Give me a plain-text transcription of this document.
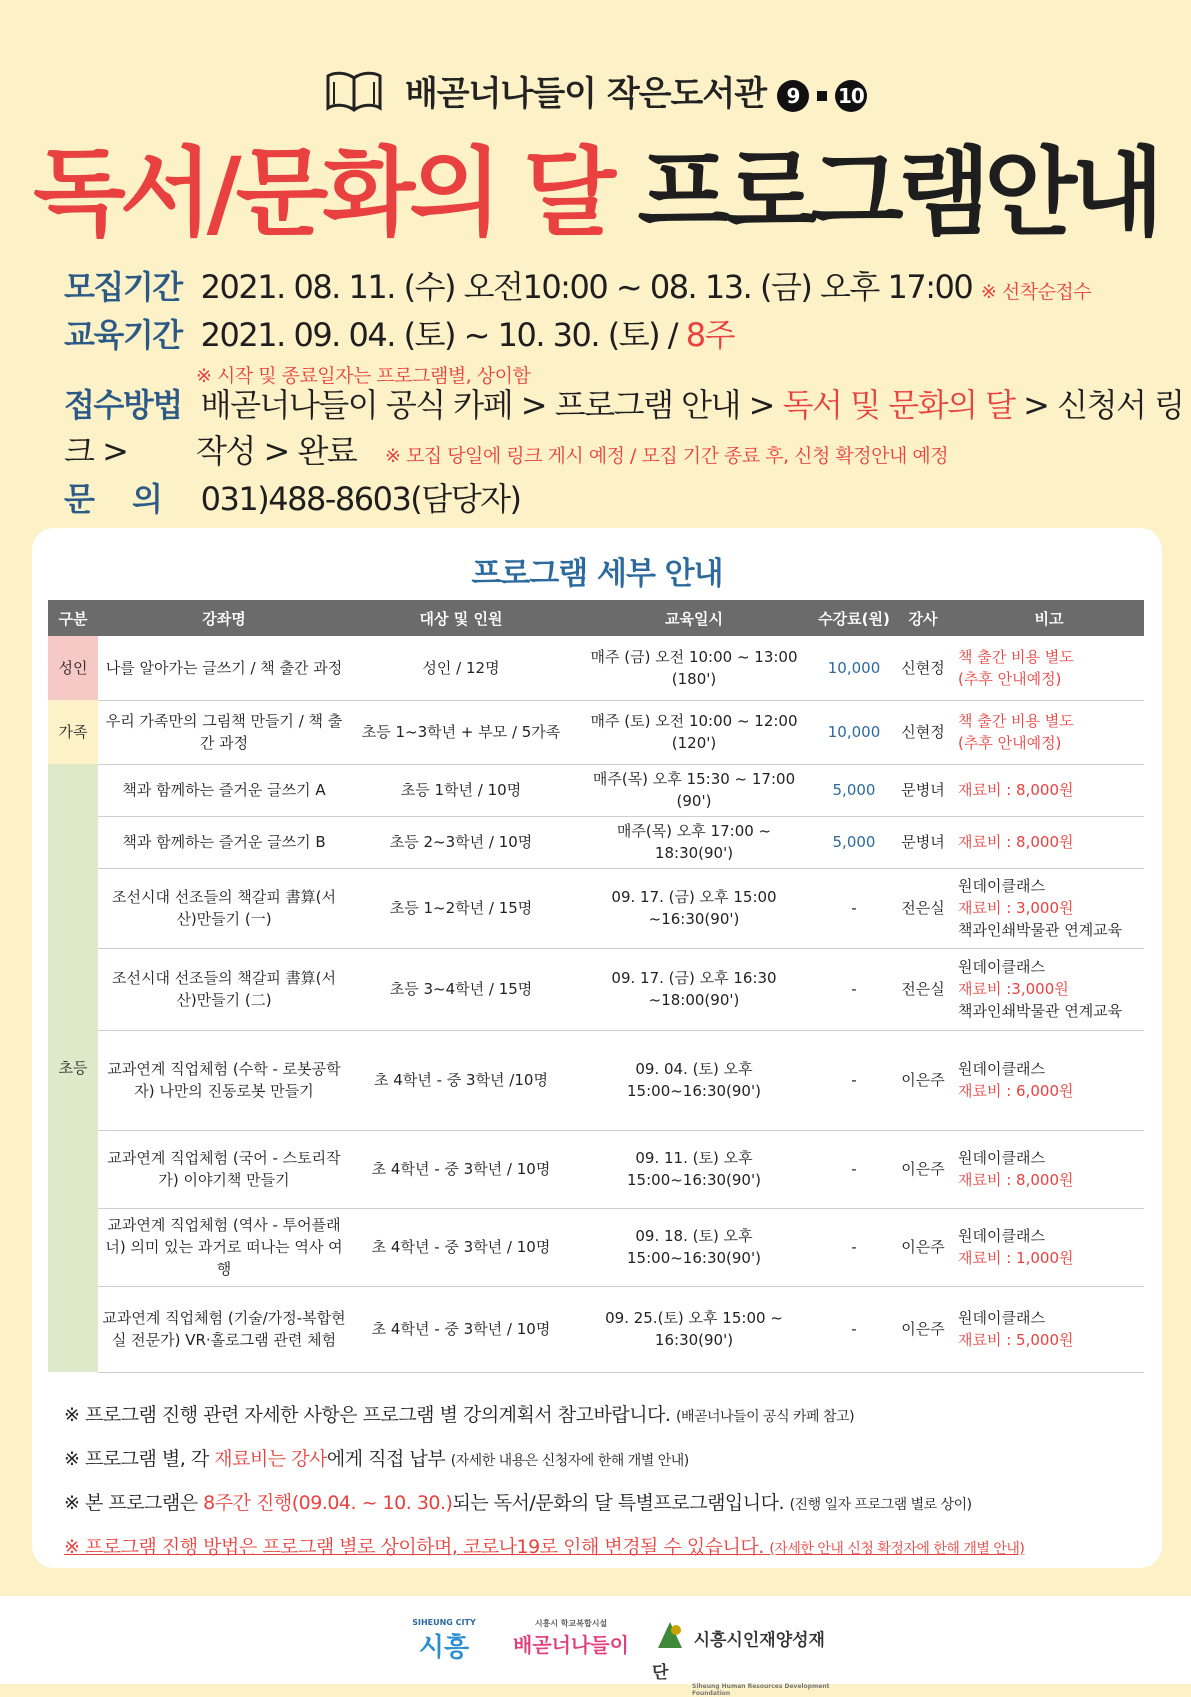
배곧너나들이 작은도서관 9 10
독서/문화의 달 프로그램안내
모집기간 2021. 08. 11. (수) 오전10:00 ~ 08. 13. (금) 오후 17:00 ※ 선착순접수
교육기간 2021. 09. 04. (토) ~ 10. 30. (토) / 8주
※ 시작 및 종료일자는 프로그램별, 상이함
접수방법 배곧너나들이 공식 카페 > 프로그램 안내 > 독서 및 문화의 달 > 신청서 링크 >	작성 > 완료 ※ 모집 당일에 링크 게시 예정 / 모집 기간 종료 후, 신청 확정안내 예정
문    의 031)488-8603(담당자)
프로그램 세부 안내
구분	강좌명	대상 및 인원	교육일시	수강료(원)	강사	비고
성인	나를 알아가는 글쓰기 / 책 출간 과정	성인 / 12명	매주 (금) 오전 10:00 ~ 13:00 (180')	10,000	신현정	책 출간 비용 별도
(추후 안내예정)

가족	우리 가족만의 그림책 만들기 / 책 출간 과정	초등 1~3학년 + 부모 / 5가족	매주 (토) 오전 10:00 ~ 12:00 (120')	10,000	신현정	책 출간 비용 별도
(추후 안내예정)

초등	책과 함께하는 즐거운 글쓰기 A	초등 1학년 / 10명	매주(목) 오후 15:30 ~ 17:00 (90')	5,000	문병녀	재료비 : 8,000원

	책과 함께하는 즐거운 글쓰기 B	초등 2~3학년 / 10명	매주(목) 오후 17:00 ~ 18:30(90')	5,000	문병녀	재료비 : 8,000원

	조선시대 선조들의 책갈피 書算(서산)만들기 (一)	초등 1~2학년 / 15명	09. 17. (금) 오후 15:00 ~16:30(90')	-	전은실	원데이클래스
재료비 : 3,000원
책과인쇄박물관 연계교육

	조선시대 선조들의 책갈피 書算(서산)만들기 (二)	초등 3~4학년 / 15명	09. 17. (금) 오후 16:30 ~18:00(90')	-	전은실	원데이클래스
재료비 :3,000원
책과인쇄박물관 연계교육

	교과연계 직업체험 (수학 - 로봇공학자) 나만의 진동로봇 만들기	초 4학년 - 중 3학년 /10명	09. 04. (토) 오후 15:00~16:30(90')	-	이은주	원데이클래스
재료비 : 6,000원

	교과연계 직업체험 (국어 - 스토리작가) 이야기책 만들기	초 4학년 - 중 3학년 / 10명	09. 11. (토) 오후 15:00~16:30(90')	-	이은주	원데이클래스
재료비 : 8,000원

	교과연계 직업체험 (역사 - 투어플래너) 의미 있는 과거로 떠나는 역사 여행	초 4학년 - 중 3학년 / 10명	09. 18. (토) 오후 15:00~16:30(90')	-	이은주	원데이클래스
재료비 : 1,000원

	교과연계 직업체험 (기술/가정-복합현실 전문가) VR·홀로그램 관련 체험	초 4학년 - 중 3학년 / 10명	09. 25.(토) 오후 15:00 ~ 16:30(90')	-	이은주	원데이클래스
재료비 : 5,000원
※ 프로그램 진행 관련 자세한 사항은 프로그램 별 강의계획서 참고바랍니다. (배곧너나들이 공식 카페 참고)
※ 프로그램 별, 각 재료비는 강사에게 직접 납부 (자세한 내용은 신청자에 한해 개별 안내)
※ 본 프로그램은 8주간 진행(09.04. ~ 10. 30.)되는 독서/문화의 달 특별프로그램입니다. (진행 일자 프로그램 별로 상이)
※ 프로그램 진행 방법은 프로그램 별로 상이하며, 코로나19로 인해 변경될 수 있습니다. (자세한 안내 신청 확정자에 한해 개별 안내)
SIHEUNG CITY
시흥
시흥시 학교복합시설
배곧너나들이	시흥시인재양성재단
Siheung Human Resources Development Foundation
